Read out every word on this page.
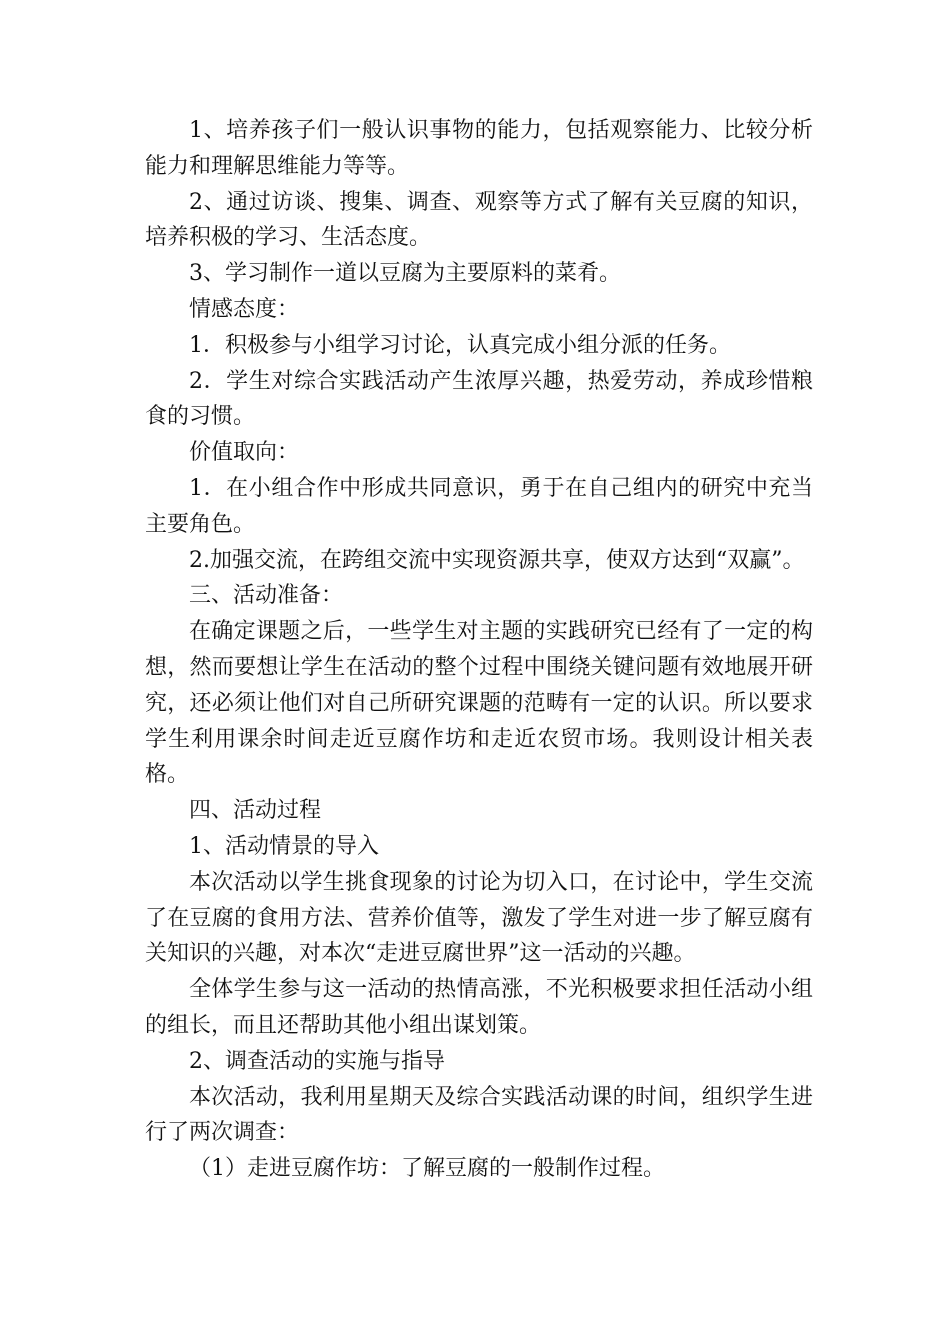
1、培养孩子们一般认识事物的能力，包括观察能力、比较分析能力和理解思维能力等等。

2、通过访谈、搜集、调查、观察等方式了解有关豆腐的知识，培养积极的学习、生活态度。

3、学习制作一道以豆腐为主要原料的菜肴。

情感态度：

1．积极参与小组学习讨论，认真完成小组分派的任务。

2．学生对综合实践活动产生浓厚兴趣，热爱劳动，养成珍惜粮食的习惯。

价值取向：

1．在小组合作中形成共同意识，勇于在自己组内的研究中充当主要角色。

2.加强交流，在跨组交流中实现资源共享，使双方达到“双赢”。

三、活动准备：

在确定课题之后，一些学生对主题的实践研究已经有了一定的构想，然而要想让学生在活动的整个过程中围绕关键问题有效地展开研究，还必须让他们对自己所研究课题的范畴有一定的认识。所以要求学生利用课余时间走近豆腐作坊和走近农贸市场。我则设计相关表格。

四、活动过程

1、活动情景的导入

本次活动以学生挑食现象的讨论为切入口，在讨论中，学生交流了在豆腐的食用方法、营养价值等，激发了学生对进一步了解豆腐有关知识的兴趣，对本次“走进豆腐世界”这一活动的兴趣。

全体学生参与这一活动的热情高涨，不光积极要求担任活动小组的组长，而且还帮助其他小组出谋划策。

2、调查活动的实施与指导

本次活动，我利用星期天及综合实践活动课的时间，组织学生进行了两次调查：

（1）走进豆腐作坊：了解豆腐的一般制作过程。
